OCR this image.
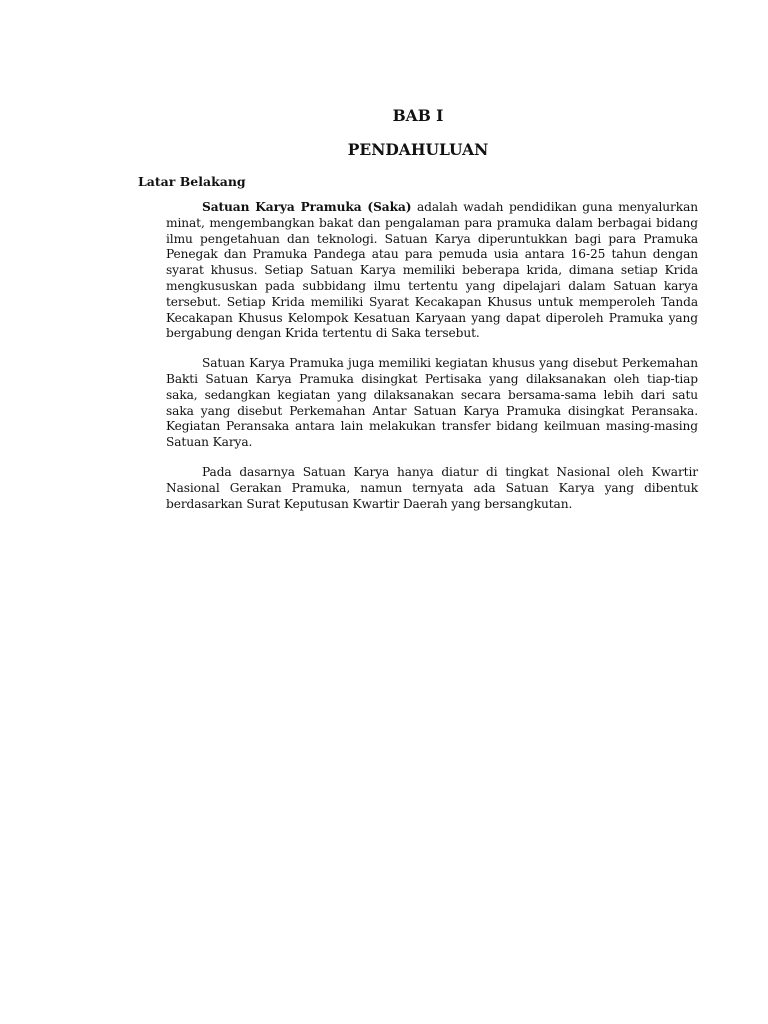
BAB I
PENDAHULUAN
Latar Belakang

Satuan Karya Pramuka (Saka) adalah wadah pendidikan guna menyalurkan minat, mengembangkan bakat dan pengalaman para pramuka dalam berbagai bidang ilmu pengetahuan dan teknologi. Satuan Karya diperuntukkan bagi para Pramuka Penegak dan Pramuka Pandega atau para pemuda usia antara 16-25 tahun dengan syarat khusus. Setiap Satuan Karya memiliki beberapa krida, dimana setiap Krida mengkususkan pada subbidang ilmu tertentu yang dipelajari dalam Satuan karya tersebut. Setiap Krida memiliki Syarat Kecakapan Khusus untuk memperoleh Tanda Kecakapan Khusus Kelompok Kesatuan Karyaan yang dapat diperoleh Pramuka yang bergabung dengan Krida tertentu di Saka tersebut.

Satuan Karya Pramuka juga memiliki kegiatan khusus yang disebut Perkemahan Bakti Satuan Karya Pramuka disingkat Pertisaka yang dilaksanakan oleh tiap-tiap saka, sedangkan kegiatan yang dilaksanakan secara bersama-sama lebih dari satu saka yang disebut Perkemahan Antar Satuan Karya Pramuka disingkat Peransaka. Kegiatan Peransaka antara lain melakukan transfer bidang keilmuan masing-masing Satuan Karya.

Pada dasarnya Satuan Karya hanya diatur di tingkat Nasional oleh Kwartir Nasional Gerakan Pramuka, namun ternyata ada Satuan Karya yang dibentuk berdasarkan Surat Keputusan Kwartir Daerah yang bersangkutan.
